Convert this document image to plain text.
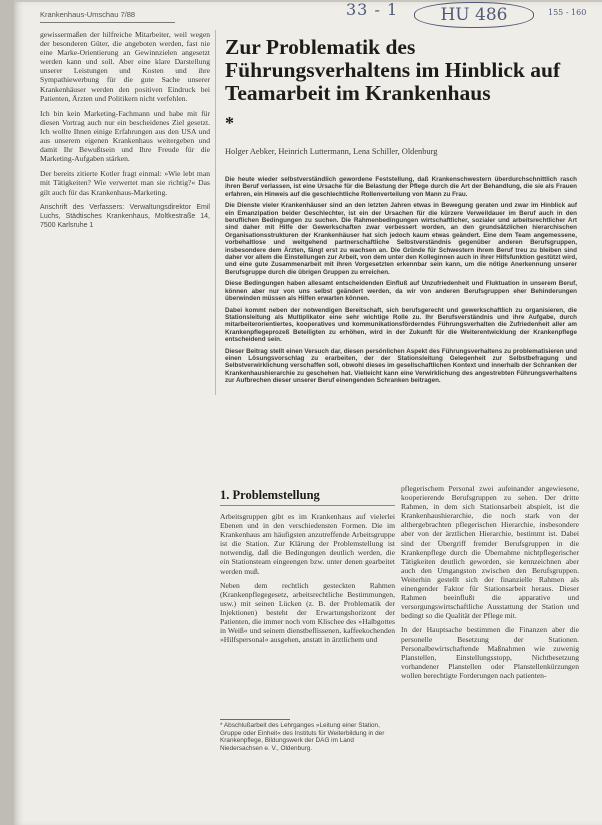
Krankenhaus-Umschau 7/88	33 - 1	HU 486	155 - 160

gewissermaßen der hilfreiche Mitarbeiter, weil wegen der besonderen Güter, die angeboten werden, fast nie eine Marke-Orientierung an Gewinnzielen angesetzt werden kann und soll. Aber eine klare Darstellung unserer Leistungen und Kosten und ihre Sympathiewerbung für die gute Sache unserer Krankenhäuser werden den positiven Eindruck bei Patienten, Ärzten und Politikern nicht verfehlen.

Ich bin kein Marketing-Fachmann und habe mit für diesen Vortrag auch nur ein bescheidenes Ziel gesetzt. Ich wollte Ihnen einige Erfahrungen aus den USA und aus unserem eigenen Krankenhaus weitergeben und damit Ihr Bewußtsein und Ihre Freude für die Marketing-Aufgaben stärken.

Der bereits zitierte Kotler fragt einmal: »Wie lebt man mit Tätigkeiten? Wie verwertet man sie richtig?« Das gilt auch für das Krankenhaus-Marketing.

Anschrift des Verfassers: Verwaltungsdirektor Emil Luchs, Städtisches Krankenhaus, Moltkestraße 14, 7500 Karlsruhe 1

Zur Problematik des Führungsverhaltens im Hinblick auf Teamarbeit im Krankenhaus
*
Holger Aebker, Heinrich Luttermann, Lena Schiller, Oldenburg

Die heute wieder selbstverständlich gewordene Feststellung, daß Krankenschwestern überdurchschnittlich rasch ihren Beruf verlassen, ist eine Ursache für die Belastung der Pflege durch die Art der Behandlung, die sie als Frauen erfahren, ein Hinweis auf die geschlechtliche Rollenverteilung von Mann zu Frau.

Die Dienste vieler Krankenhäuser sind an den letzten Jahren etwas in Bewegung geraten und zwar im Hinblick auf ein Emanzipation beider Geschlechter, ist ein der Ursachen für die kürzere Verweildauer im Beruf auch in den beruflichen Bedingungen zu suchen. Die Rahmenbedingungen wirtschaftlicher, sozialer und arbeitsrechtlicher Art sind daher mit Hilfe der Gewerkschaften zwar verbessert worden, an den grundsätzlichen hierarchischen Organisationsstrukturen der Krankenhäuser hat sich jedoch kaum etwas geändert. Eine dem Team angemessene, vorbehaltlose und weitgehend partnerschaftliche Selbstverständnis gegenüber anderen Berufsgruppen, insbesondere dem Ärzten, fängt erst zu wachsen an. Die Gründe für Schwestern ihrem Beruf treu zu bleiben sind daher vor allem die Einstellungen zur Arbeit, von dem unter den Kolleginnen auch in ihrer Hilfsfunktion gestützt wird, und eine gute Zusammenarbeit mit ihren Vorgesetzten erkennbar sein kann, um die nötige Anerkennung unserer Berufsgruppe durch die übrigen Gruppen zu erreichen.

Diese Bedingungen haben allesamt entscheidenden Einfluß auf Unzufriedenheit und Fluktuation in unserem Beruf, können aber nur von uns selbst geändert werden, da wir von anderen Berufsgruppen eher Behinderungen überwinden müssen als Hilfen erwarten können.

Dabei kommt neben der notwendigen Bereitschaft, sich berufsgerecht und gewerkschaftlich zu organisieren, die Stationsleitung als Multiplikator eine sehr wichtige Rolle zu. Ihr Berufsverständnis und ihre Aufgabe, durch mitarbeiterorientiertes, kooperatives und kommunikationsförderndes Führungsverhalten die Zufriedenheit aller am Krankenpflegeprozeß Beteiligten zu erhöhen, wird in der Zukunft für die Weiterentwicklung der Krankenpflege entscheidend sein.

Dieser Beitrag stellt einen Versuch dar, diesen persönlichen Aspekt des Führungsverhaltens zu problematisieren und einen Lösungsvorschlag zu erarbeiten, der der Stationsleitung Gelegenheit zur Selbstbefragung und Selbstverwirklichung verschaffen soll, obwohl dieses im gesellschaftlichen Kontext und innerhalb der Schranken der Krankenhaushierarchie zu geschehen hat. Vielleicht kann eine Verwirklichung des angestrebten Führungsverhaltens zur Aufbrechen dieser unserer Beruf einengenden Schranken beitragen.

1. Problemstellung

Arbeitsgruppen gibt es im Krankenhaus auf vielerlei Ebenen und in den verschiedensten Formen. Die im Krankenhaus am häufigsten anzutreffende Arbeitsgruppe ist die Station. Zur Klärung der Problemstellung ist notwendig, daß die Bedingungen deutlich werden, die ein Stationsteam eingeengen bzw. unter denen gearbeitet werden muß.

Neben dem rechtlich gesteckten Rahmen (Krankenpflegegesetz, arbeitsrechtliche Bestimmungen, usw.) mit seinen Lücken (z. B. der Problematik der Injektionen) besteht der Erwartungshorizont der Patienten, die immer noch vom Klischee des »Halbgottes in Weiß« und seinem dienstbeflissenen, kaffeekochenden »Hilfspersonal« ausgehen, anstatt in ärztlichem und

pflegerischem Personal zwei aufeinander angewiesene, kooperierende Berufsgruppen zu sehen. Der dritte Rahmen, in dem sich Stationsarbeit abspielt, ist die Krankenhaushierarchie, die noch stark von der althergebrachten pflegerischen Hierarchie, insbesondere aber von der ärztlichen Hierarchie, bestimmt ist. Dabei sind der Übergriff fremder Berufsgruppen in die Krankenpflege durch die Übernahme nichtpflegerischer Tätigkeiten deutlich geworden, sie kennzeichnen aber auch den Umgangston zwischen den Berufsgruppen. Weiterhin gestellt sich der finanzielle Rahmen als einengender Faktor für Stationsarbeit heraus. Dieser Rahmen beeinflußt die apparative und versorgungswirtschaftliche Ausstattung der Station und bedingt so die Qualität der Pflege mit.

In der Hauptsache bestimmen die Finanzen aber die personelle Besetzung der Stationen. Personalbewirtschaftende Maßnahmen wie zuwenig Planstellen, Einstellungsstopp, Nichtbesetzung vorhandener Planstellen oder Planstellenkürzungen wollen berechtigte Forderungen nach patienten-

* Abschlußarbeit des Lehrganges »Leitung einer Station, Gruppe oder Einheit« des Instituts für Weiterbildung in der Krankenpflege, Bildungswerk der DAG im Land Niedersachsen e. V., Oldenburg.
